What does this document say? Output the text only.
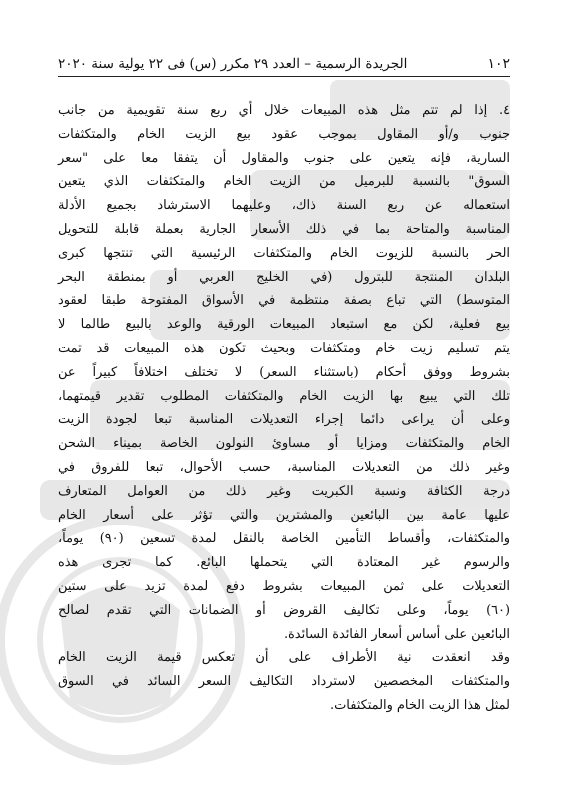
١٠٢
الجريدة الرسمية – العدد ٢٩ مكرر (س) فى ٢٢ يولية سنة ٢٠٢٠
٤. إذا لم تتم مثل هذه المبيعات خلال أي ربع سنة تقويمية من جانب
جنوب و/أو المقاول بموجب عقود بيع الزيت الخام والمتكثفات
السارية، فإنه يتعين على جنوب والمقاول أن يتفقا معا على "سعر
السوق" بالنسبة للبرميل من الزيت الخام والمتكثفات الذي يتعين
استعماله عن ربع السنة ذاك، وعليهما الاسترشاد بجميع الأدلة
المناسبة والمتاحة بما في ذلك الأسعار الجارية بعملة قابلة للتحويل
الحر بالنسبة للزيوت الخام والمتكثفات الرئيسية التي تنتجها كبرى
البلدان المنتجة للبترول (في الخليج العربي أو بمنطقة البحر
المتوسط) التي تباع بصفة منتظمة في الأسواق المفتوحة طبقا لعقود
بيع فعلية، لكن مع استبعاد المبيعات الورقية والوعد بالبيع طالما لا
يتم تسليم زيت خام ومتكثفات وبحيث تكون هذه المبيعات قد تمت
بشروط ووفق أحكام (باستثناء السعر) لا تختلف اختلافاً كبيراً عن
تلك التي يبيع بها الزيت الخام والمتكثفات المطلوب تقدير قيمتهما،
وعلى أن يراعى دائما إجراء التعديلات المناسبة تبعا لجودة الزيت
الخام والمتكثفات ومزايا أو مساوئ النولون الخاصة بميناء الشحن
وغير ذلك من التعديلات المناسبة، حسب الأحوال، تبعا للفروق في
درجة الكثافة ونسبة الكبريت وغير ذلك من العوامل المتعارف
عليها عامة بين البائعين والمشترين والتي تؤثر على أسعار الخام
والمتكثفات، وأقساط التأمين الخاصة بالنقل لمدة تسعين (٩٠) يوماً،
والرسوم غير المعتادة التي يتحملها البائع. كما تجرى هذه
التعديلات على ثمن المبيعات بشروط دفع لمدة تزيد على ستين
(٦٠) يوماً، وعلى تكاليف القروض أو الضمانات التي تقدم لصالح
البائعين على أساس أسعار الفائدة السائدة.
وقد انعقدت نية الأطراف على أن تعكس قيمة الزيت الخام
والمتكثفات المخصصين لاسترداد التكاليف السعر السائد في السوق
لمثل هذا الزيت الخام والمتكثفات.
